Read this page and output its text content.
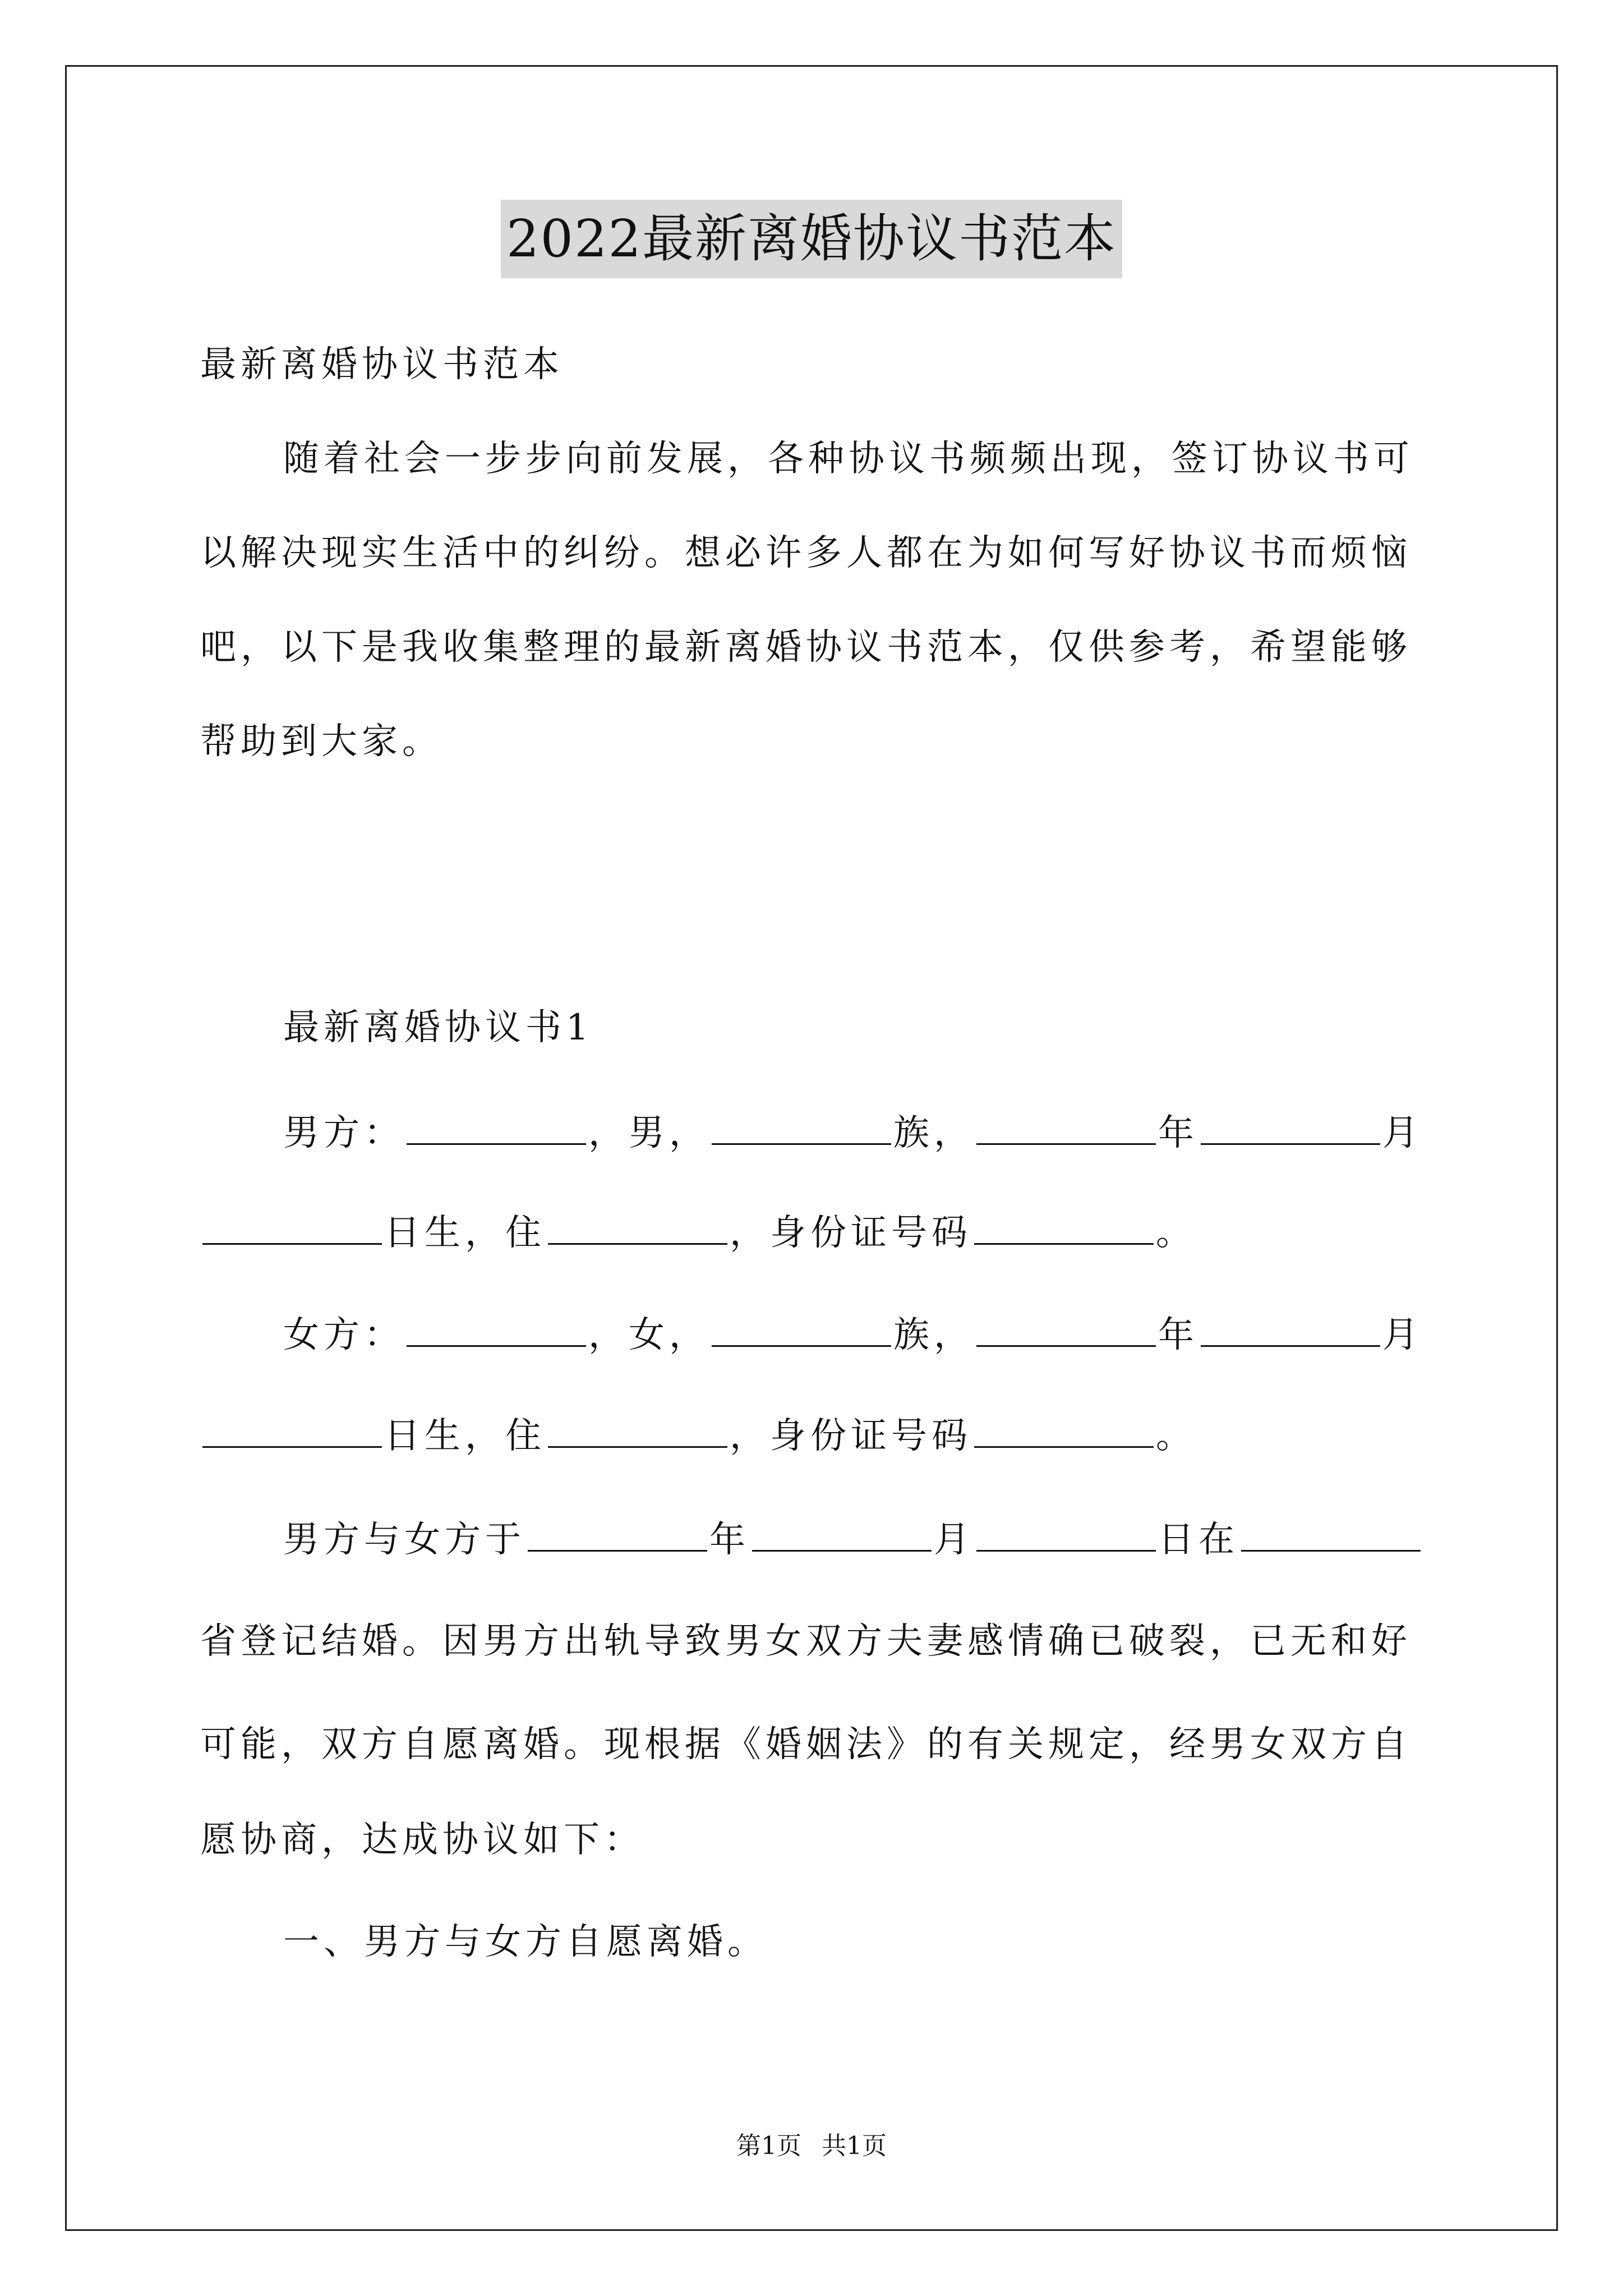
2022最新离婚协议书范本
最新离婚协议书范本
随着社会一步步向前发展，各种协议书频频出现，签订协议书可
以解决现实生活中的纠纷。想必许多人都在为如何写好协议书而烦恼
吧，以下是我收集整理的最新离婚协议书范本，仅供参考，希望能够
帮助到大家。
最新离婚协议书1
男方：	，男，	族，	年	月
日生，住	，身份证号码	。
女方：	，女，	族，	年	月
日生，住	，身份证号码	。
男方与女方于	年	月	日在
省登记结婚。因男方出轨导致男女双方夫妻感情确已破裂，已无和好
可能，双方自愿离婚。现根据《婚姻法》的有关规定，经男女双方自
愿协商，达成协议如下：
一、男方与女方自愿离婚。
第1页 共1页
